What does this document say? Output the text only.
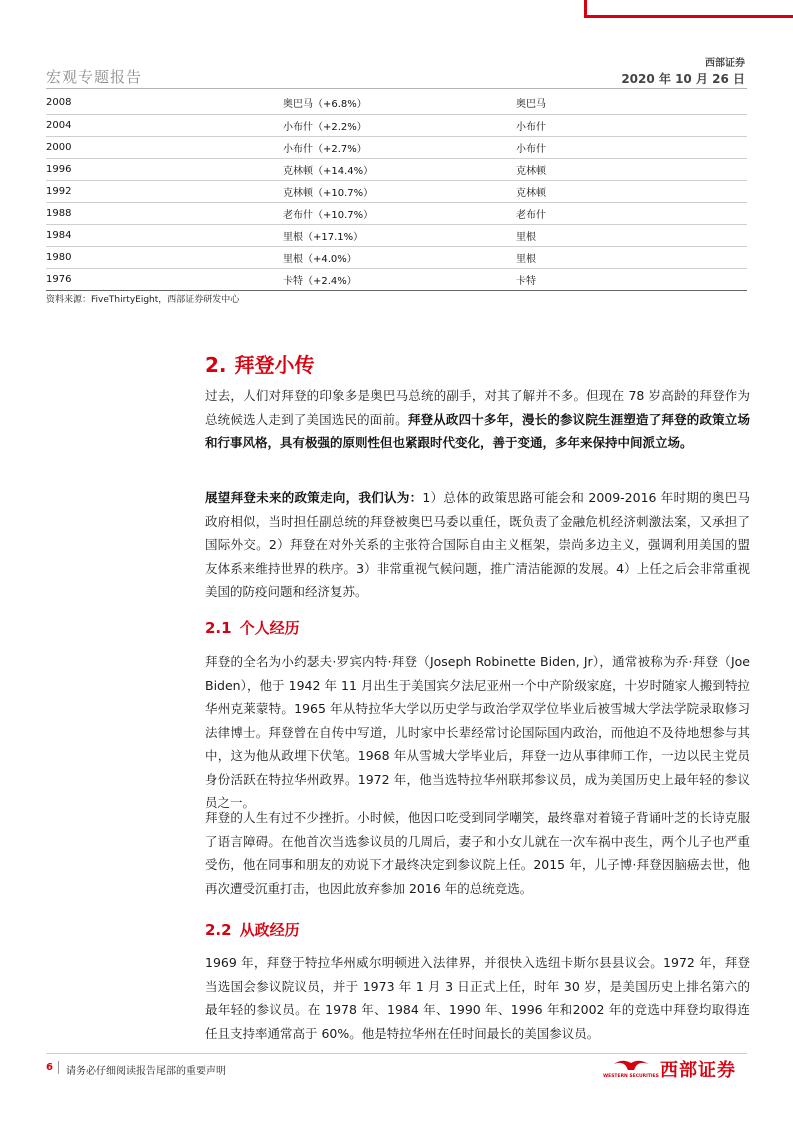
宏观专题报告
西部证券
2020 年 10 月 26 日
2008	奥巴马（+6.8%）	奥巴马
2004	小布什（+2.2%）	小布什
2000	小布什（+2.7%）	小布什
1996	克林顿（+14.4%）	克林顿
1992	克林顿（+10.7%）	克林顿
1988	老布什（+10.7%）	老布什
1984	里根（+17.1%）	里根
1980	里根（+4.0%）	里根
1976	卡特（+2.4%）	卡特
资料来源：FiveThirtyEight，西部证券研发中心
2. 拜登小传
过去，人们对拜登的印象多是奥巴马总统的副手，对其了解并不多。但现在 78 岁高龄的拜登作为总统候选人走到了美国选民的面前。拜登从政四十多年，漫长的参议院生涯塑造了拜登的政策立场和行事风格，具有极强的原则性但也紧跟时代变化，善于变通，多年来保持中间派立场。
展望拜登未来的政策走向，我们认为：1）总体的政策思路可能会和 2009-2016 年时期的奥巴马政府相似，当时担任副总统的拜登被奥巴马委以重任，既负责了金融危机经济刺激法案，又承担了国际外交。2）拜登在对外关系的主张符合国际自由主义框架，崇尚多边主义，强调利用美国的盟友体系来维持世界的秩序。3）非常重视气候问题，推广清洁能源的发展。4）上任之后会非常重视美国的防疫问题和经济复苏。
2.1 个人经历
拜登的全名为小约瑟夫·罗宾内特·拜登（Joseph Robinette Biden, Jr），通常被称为乔·拜登（Joe Biden），他于 1942 年 11 月出生于美国宾夕法尼亚州一个中产阶级家庭，十岁时随家人搬到特拉华州克莱蒙特。1965 年从特拉华大学以历史学与政治学双学位毕业后被雪城大学法学院录取修习法律博士。拜登曾在自传中写道，儿时家中长辈经常讨论国际国内政治，而他迫不及待地想参与其中，这为他从政埋下伏笔。1968 年从雪城大学毕业后，拜登一边从事律师工作，一边以民主党员身份活跃在特拉华州政界。1972 年，他当选特拉华州联邦参议员，成为美国历史上最年轻的参议员之一。
拜登的人生有过不少挫折。小时候，他因口吃受到同学嘲笑，最终靠对着镜子背诵叶芝的长诗克服了语言障碍。在他首次当选参议员的几周后，妻子和小女儿就在一次车祸中丧生，两个儿子也严重受伤，他在同事和朋友的劝说下才最终决定到参议院上任。2015 年，儿子博·拜登因脑癌去世，他再次遭受沉重打击，也因此放弃参加 2016 年的总统竞选。
2.2 从政经历
1969 年，拜登于特拉华州威尔明顿进入法律界，并很快入选纽卡斯尔县县议会。1972 年，拜登当选国会参议院议员，并于 1973 年 1 月 3 日正式上任，时年 30 岁，是美国历史上排名第六的最年轻的参议员。在 1978 年、1984 年、1990 年、1996 年和2002 年的竞选中拜登均取得连任且支持率通常高于 60%。他是特拉华州在任时间最长的美国参议员。
6 请务必仔细阅读报告尾部的重要声明	WESTERN SECURITIES 西部证券
